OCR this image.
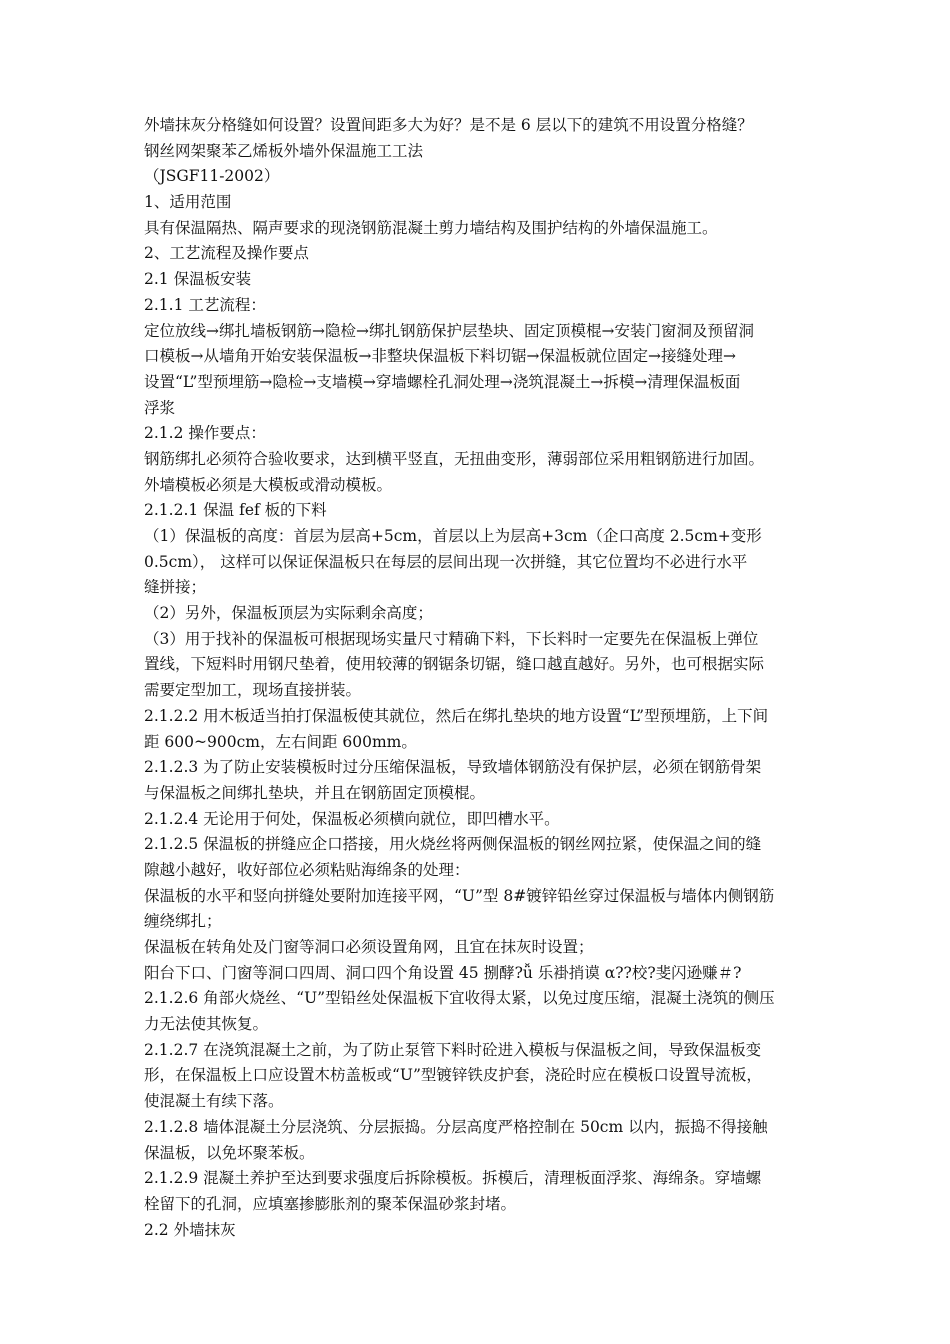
外墙抹灰分格缝如何设置？设置间距多大为好？是不是 6 层以下的建筑不用设置分格缝？
钢丝网架聚苯乙烯板外墙外保温施工工法
（JSGF11-2002）
1、适用范围
具有保温隔热、隔声要求的现浇钢筋混凝土剪力墙结构及围护结构的外墙保温施工。
2、工艺流程及操作要点
2.1 保温板安装
2.1.1 工艺流程：
定位放线→绑扎墙板钢筋→隐检→绑扎钢筋保护层垫块、固定顶模棍→安装门窗洞及预留洞
口模板→从墙角开始安装保温板→非整块保温板下料切锯→保温板就位固定→接缝处理→
设置“L”型预埋筋→隐检→支墙模→穿墙螺栓孔洞处理→浇筑混凝土→拆模→清理保温板面
浮浆
2.1.2 操作要点：
钢筋绑扎必须符合验收要求，达到横平竖直，无扭曲变形，薄弱部位采用粗钢筋进行加固。
外墙模板必须是大模板或滑动模板。
2.1.2.1 保温 fef 板的下料
（1）保温板的高度：首层为层高+5cm，首层以上为层高+3cm（企口高度 2.5cm+变形
0.5cm）， 这样可以保证保温板只在每层的层间出现一次拼缝，其它位置均不必进行水平
缝拼接；
（2）另外，保温板顶层为实际剩余高度；
（3）用于找补的保温板可根据现场实量尺寸精确下料，下长料时一定要先在保温板上弹位
置线，下短料时用钢尺垫着，使用较薄的钢锯条切锯，缝口越直越好。另外，也可根据实际
需要定型加工，现场直接拼装。
2.1.2.2 用木板适当拍打保温板使其就位，然后在绑扎垫块的地方设置“L”型预埋筋，上下间
距 600~900cm，左右间距 600mm。
2.1.2.3 为了防止安装模板时过分压缩保温板，导致墙体钢筋没有保护层，必须在钢筋骨架
与保温板之间绑扎垫块，并且在钢筋固定顶模棍。
2.1.2.4 无论用于何处，保温板必须横向就位，即凹槽水平。
2.1.2.5 保温板的拼缝应企口搭接，用火烧丝将两侧保温板的钢丝网拉紧，使保温之间的缝
隙越小越好，收好部位必须粘贴海绵条的处理：
保温板的水平和竖向拼缝处要附加连接平网，“U”型 8#镀锌铅丝穿过保温板与墙体内侧钢筋
缠绕绑扎；
保温板在转角处及门窗等洞口必须设置角网，且宜在抹灰时设置；
阳台下口、门窗等洞口四周、洞口四个角设置 45 捌酵?ǚ 乐褂捎谟 α??校?斐闪逊赚＃?
2.1.2.6 角部火烧丝、“U”型铅丝处保温板下宜收得太紧，以免过度压缩，混凝土浇筑的侧压
力无法使其恢复。
2.1.2.7 在浇筑混凝土之前，为了防止泵管下料时砼进入模板与保温板之间，导致保温板变
形，在保温板上口应设置木枋盖板或“U”型镀锌铁皮护套，浇砼时应在模板口设置导流板，
使混凝土有续下落。
2.1.2.8 墙体混凝土分层浇筑、分层振捣。分层高度严格控制在 50cm 以内，振捣不得接触
保温板，以免坏聚苯板。
2.1.2.9 混凝土养护至达到要求强度后拆除模板。拆模后，清理板面浮浆、海绵条。穿墙螺
栓留下的孔洞，应填塞掺膨胀剂的聚苯保温砂浆封堵。
2.2 外墙抹灰
